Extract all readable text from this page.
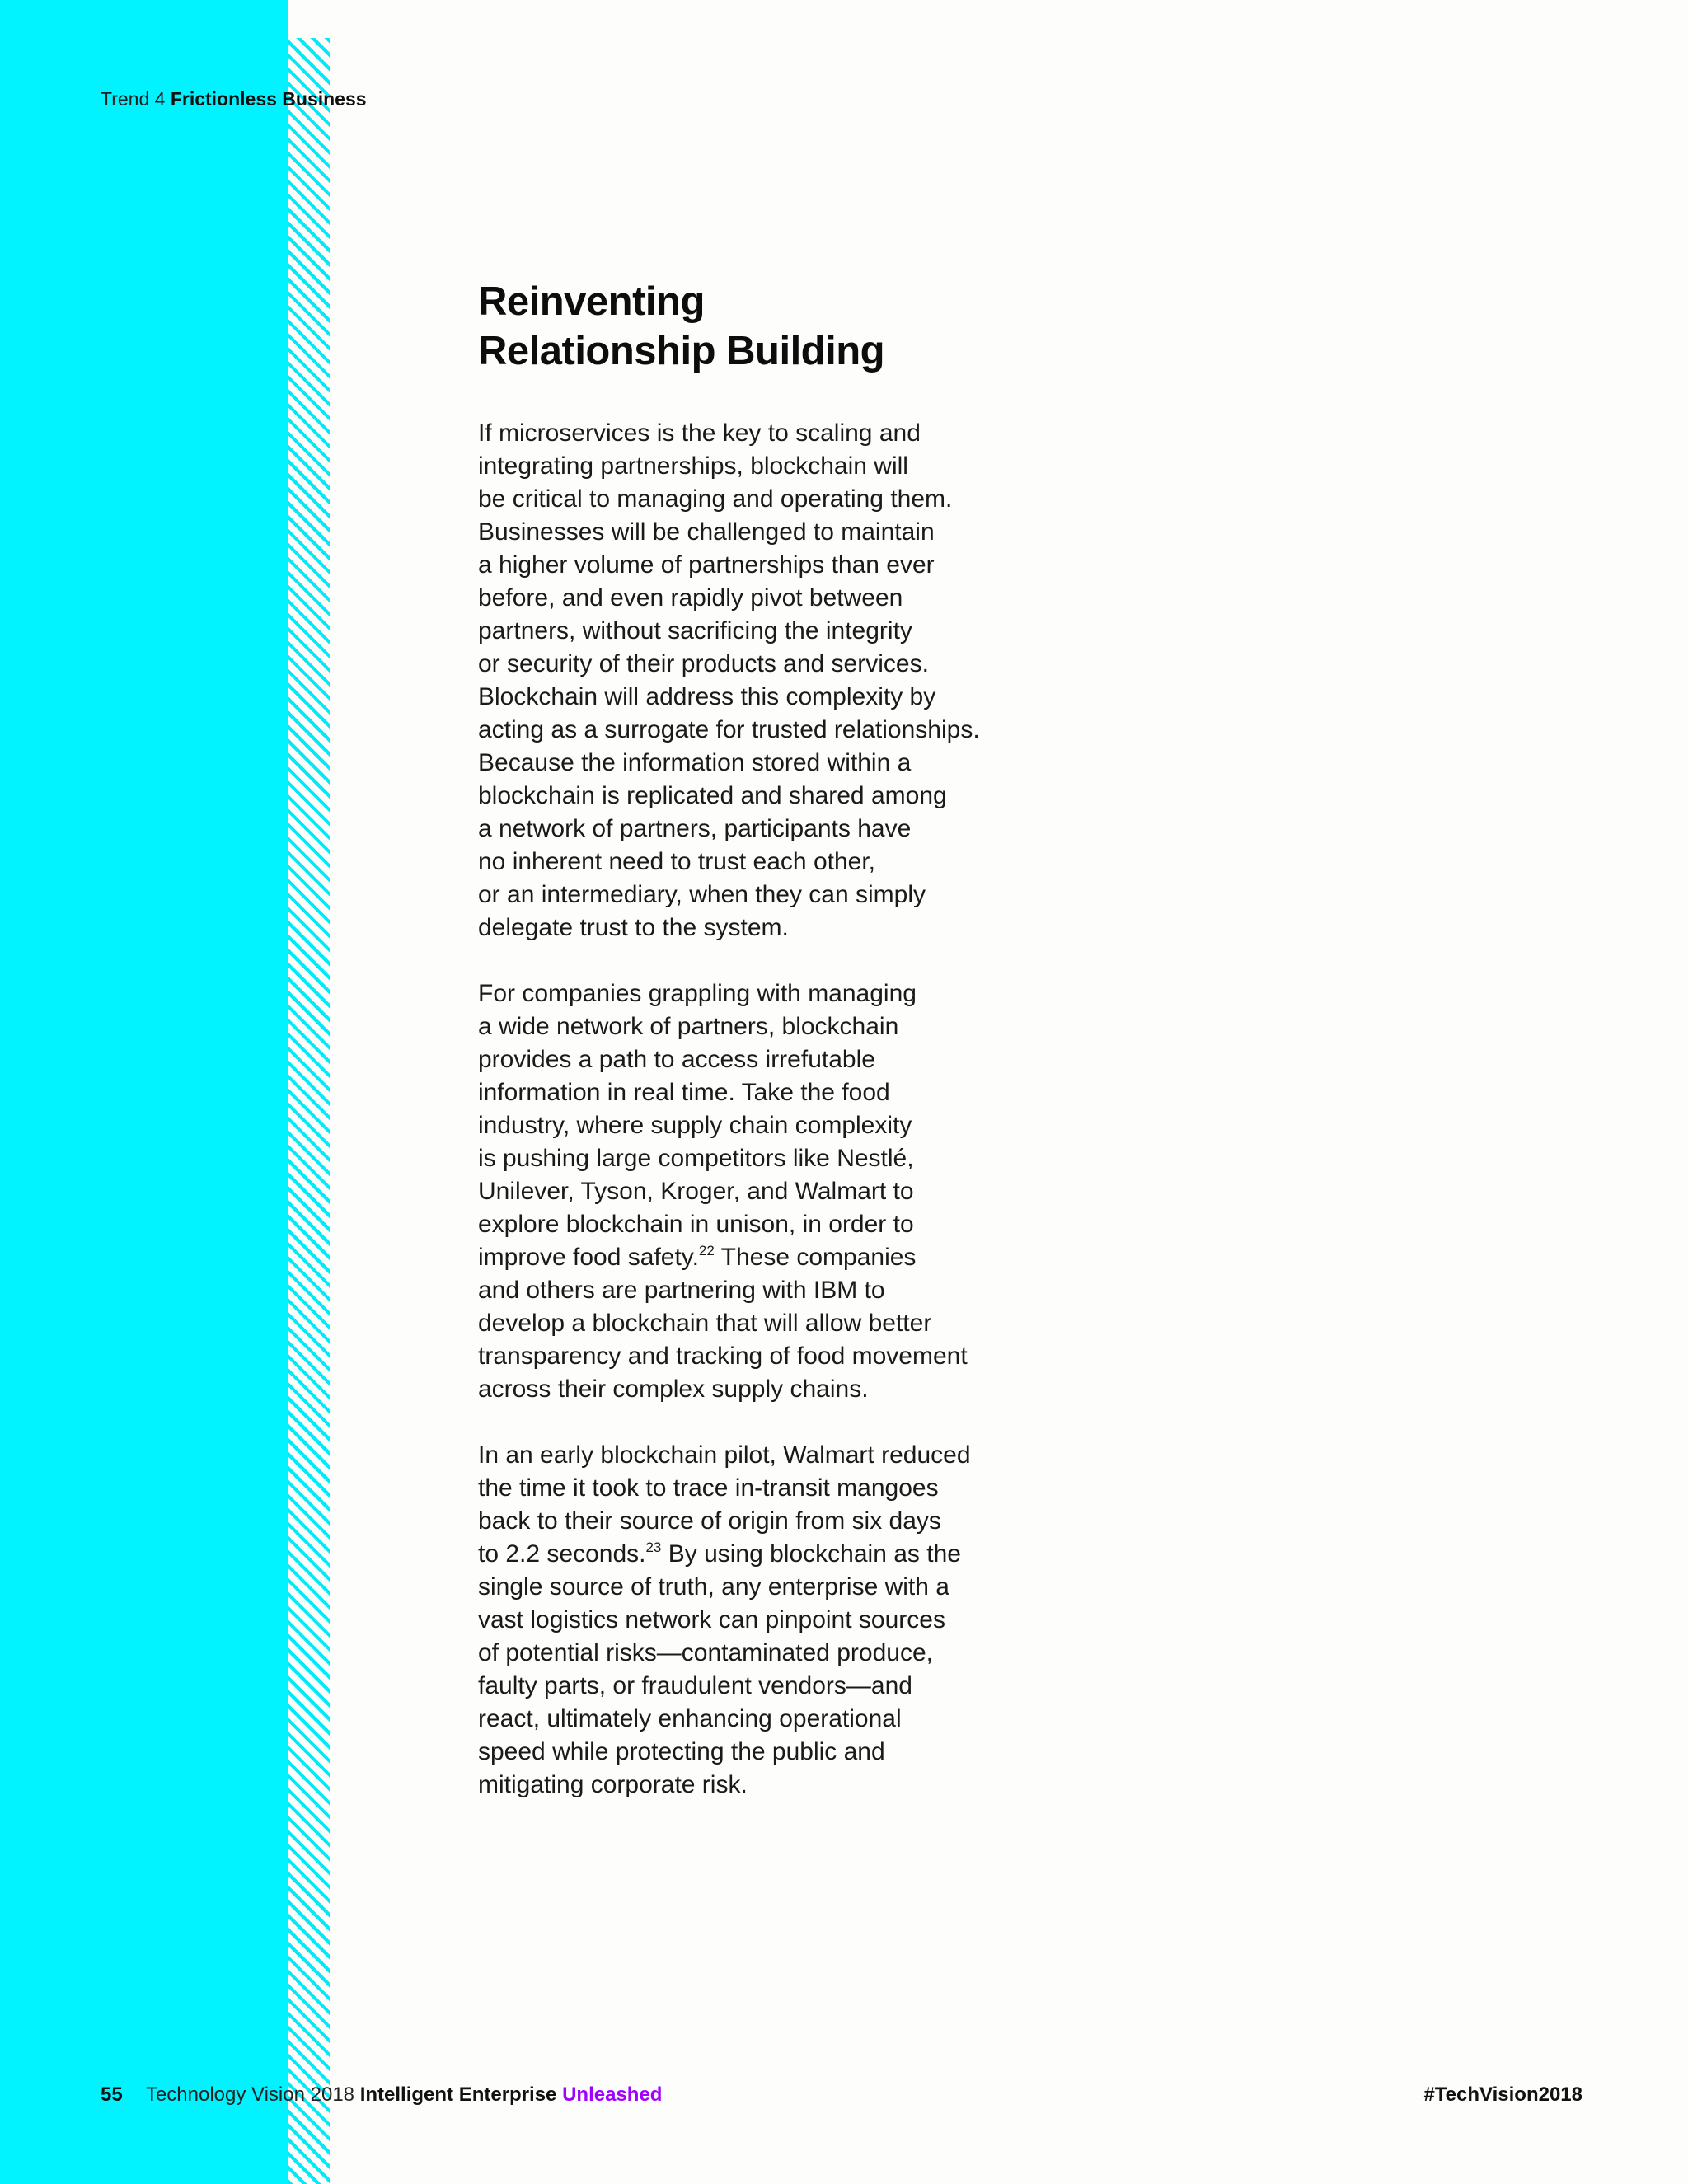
Trend 4 Frictionless Business
Reinventing
Relationship Building

If microservices is the key to scaling and
integrating partnerships, blockchain will
be critical to managing and operating them.
Businesses will be challenged to maintain
a higher volume of partnerships than ever
before, and even rapidly pivot between
partners, without sacrificing the integrity
or security of their products and services.
Blockchain will address this complexity by
acting as a surrogate for trusted relationships.
Because the information stored within a
blockchain is replicated and shared among
a network of partners, participants have
no inherent need to trust each other,
or an intermediary, when they can simply
delegate trust to the system.

For companies grappling with managing
a wide network of partners, blockchain
provides a path to access irrefutable
information in real time. Take the food
industry, where supply chain complexity
is pushing large competitors like Nestlé,
Unilever, Tyson, Kroger, and Walmart to
explore blockchain in unison, in order to
improve food safety.$^{22}$ These companies
and others are partnering with IBM to
develop a blockchain that will allow better
transparency and tracking of food movement
across their complex supply chains.

In an early blockchain pilot, Walmart reduced
the time it took to trace in-transit mangoes
back to their source of origin from six days
to 2.2 seconds.$^{23}$ By using blockchain as the
single source of truth, any enterprise with a
vast logistics network can pinpoint sources
of potential risks—contaminated produce,
faulty parts, or fraudulent vendors—and
react, ultimately enhancing operational
speed while protecting the public and
mitigating corporate risk.

55 Technology Vision 2018 Intelligent Enterprise Unleashed	#TechVision2018
